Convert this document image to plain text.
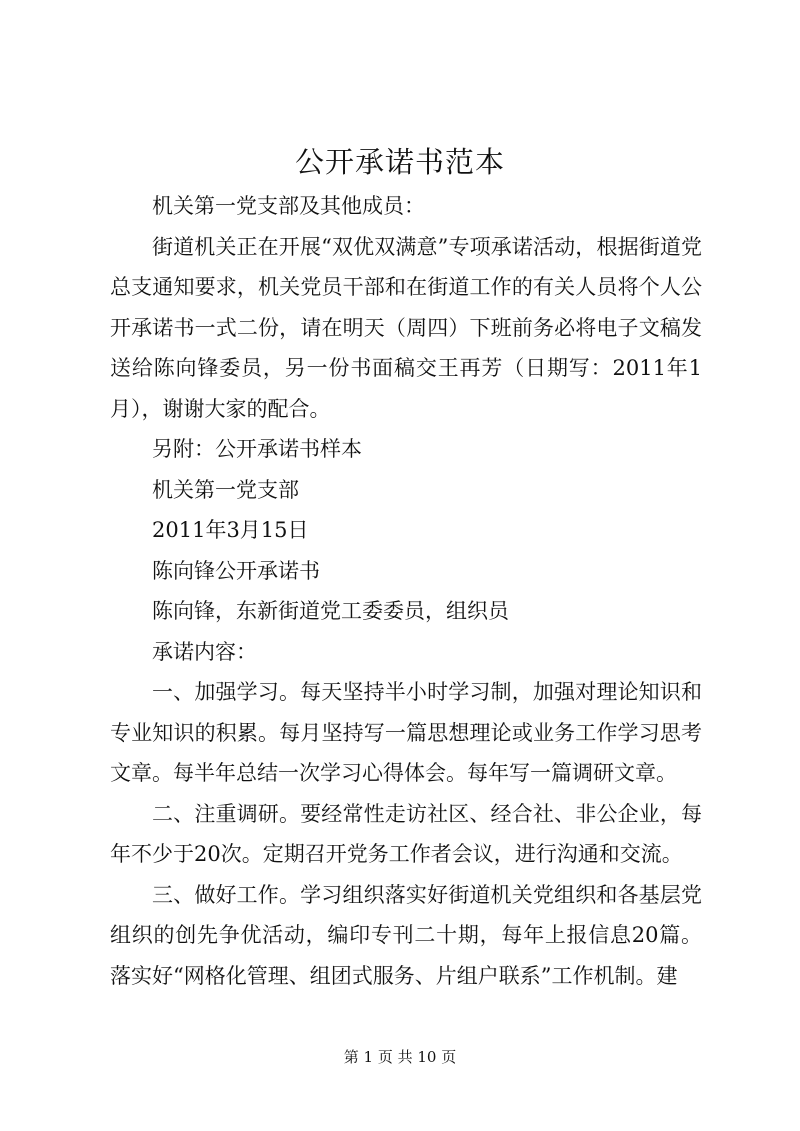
公开承诺书范本

机关第一党支部及其他成员：

街道机关正在开展“双优双满意”专项承诺活动，根据街道党总支通知要求，机关党员干部和在街道工作的有关人员将个人公开承诺书一式二份，请在明天（周四）下班前务必将电子文稿发送给陈向锋委员，另一份书面稿交王再芳（日期写：2011年1月），谢谢大家的配合。

另附：公开承诺书样本

机关第一党支部

2011年3月15日

陈向锋公开承诺书

陈向锋，东新街道党工委委员，组织员

承诺内容：

一、加强学习。每天坚持半小时学习制，加强对理论知识和专业知识的积累。每月坚持写一篇思想理论或业务工作学习思考文章。每半年总结一次学习心得体会。每年写一篇调研文章。

二、注重调研。要经常性走访社区、经合社、非公企业，每年不少于20次。定期召开党务工作者会议，进行沟通和交流。

三、做好工作。学习组织落实好街道机关党组织和各基层党组织的创先争优活动，编印专刊二十期，每年上报信息20篇。落实好“网格化管理、组团式服务、片组户联系”工作机制。建

第 1 页 共 10 页
